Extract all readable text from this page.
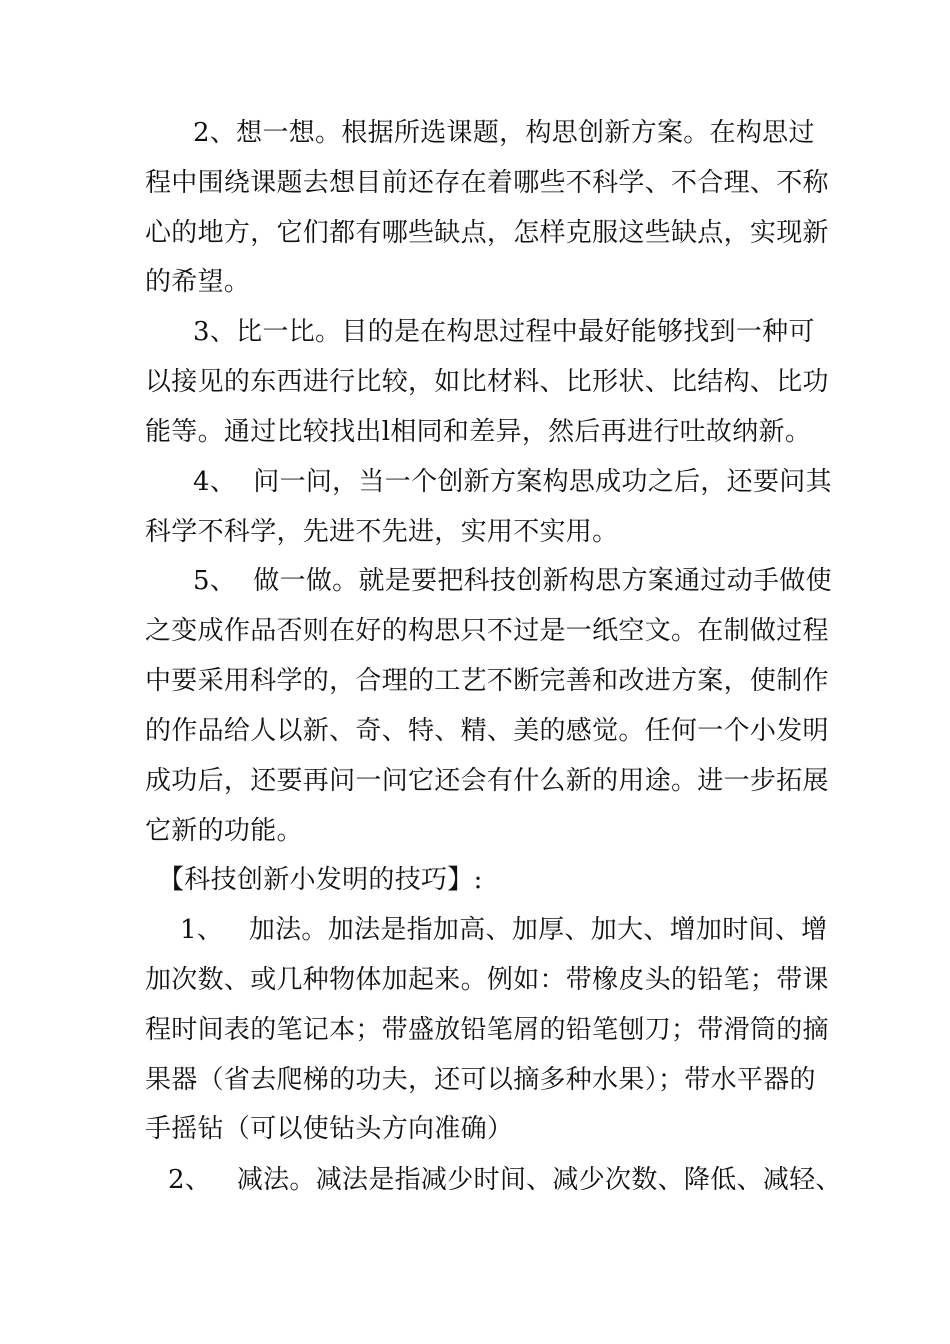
2、想一想。根据所选课题，构思创新方案。在构思过
程中围绕课题去想目前还存在着哪些不科学、不合理、不称
心的地方，它们都有哪些缺点，怎样克服这些缺点，实现新
的希望。
3、比一比。目的是在构思过程中最好能够找到一种可
以接见的东西进行比较，如比材料、比形状、比结构、比功
能等。通过比较找出l相同和差异，然后再进行吐故纳新。
4、  问一问，当一个创新方案构思成功之后，还要问其
科学不科学，先进不先进，实用不实用。
5、  做一做。就是要把科技创新构思方案通过动手做使
之变成作品否则在好的构思只不过是一纸空文。在制做过程
中要采用科学的，合理的工艺不断完善和改进方案，使制作
的作品给人以新、奇、特、精、美的感觉。任何一个小发明
成功后，还要再问一问它还会有什么新的用途。进一步拓展
它新的功能。
【科技创新小发明的技巧】:
1、   加法。加法是指加高、加厚、加大、增加时间、增
加次数、或几种物体加起来。例如：带橡皮头的铅笔；带课
程时间表的笔记本；带盛放铅笔屑的铅笔刨刀；带滑筒的摘
果器（省去爬梯的功夫，还可以摘多种水果）；带水平器的
手摇钻（可以使钻头方向准确）
2、   减法。减法是指减少时间、减少次数、降低、减轻、
